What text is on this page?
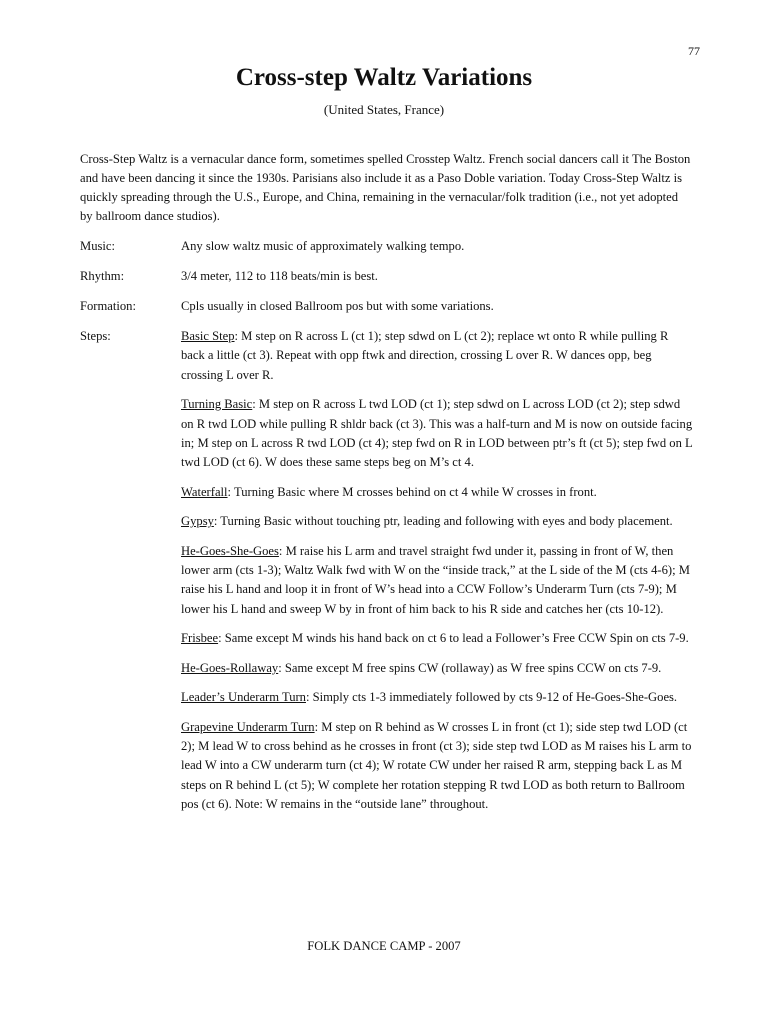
77
Cross-step Waltz Variations
(United States, France)

Cross-Step Waltz is a vernacular dance form, sometimes spelled Crosstep Waltz. French social dancers call it The Boston and have been dancing it since the 1930s. Parisians also include it as a Paso Doble variation. Today Cross-Step Waltz is quickly spreading through the U.S., Europe, and China, remaining in the vernacular/folk tradition (i.e., not yet adopted by ballroom dance studios).

Music:	Any slow waltz music of approximately walking tempo.
Rhythm:	3/4 meter, 112 to 118 beats/min is best.
Formation:	Cpls usually in closed Ballroom pos but with some variations.
Steps:	Basic Step: M step on R across L (ct 1); step sdwd on L (ct 2); replace wt onto R while pulling R back a little (ct 3). Repeat with opp ftwk and direction, crossing L over R. W dances opp, beg crossing L over R.

Turning Basic: M step on R across L twd LOD (ct 1); step sdwd on L across LOD (ct 2); step sdwd on R twd LOD while pulling R shldr back (ct 3). This was a half-turn and M is now on outside facing in; M step on L across R twd LOD (ct 4); step fwd on R in LOD between ptr’s ft (ct 5); step fwd on L twd LOD (ct 6). W does these same steps beg on M’s ct 4.

Waterfall: Turning Basic where M crosses behind on ct 4 while W crosses in front.

Gypsy: Turning Basic without touching ptr, leading and following with eyes and body placement.

He-Goes-She-Goes: M raise his L arm and travel straight fwd under it, passing in front of W, then lower arm (cts 1-3); Waltz Walk fwd with W on the “inside track,” at the L side of the M (cts 4-6); M raise his L hand and loop it in front of W’s head into a CCW Follow’s Underarm Turn (cts 7-9); M lower his L hand and sweep W by in front of him back to his R side and catches her (cts 10-12).

Frisbee: Same except M winds his hand back on ct 6 to lead a Follower’s Free CCW Spin on cts 7-9.

He-Goes-Rollaway: Same except M free spins CW (rollaway) as W free spins CCW on cts 7-9.

Leader’s Underarm Turn: Simply cts 1-3 immediately followed by cts 9-12 of He-Goes-She-Goes.

Grapevine Underarm Turn: M step on R behind as W crosses L in front (ct 1); side step twd LOD (ct 2); M lead W to cross behind as he crosses in front (ct 3); side step twd LOD as M raises his L arm to lead W into a CW underarm turn (ct 4); W rotate CW under her raised R arm, stepping back L as M steps on R behind L (ct 5); W complete her rotation stepping R twd LOD as both return to Ballroom pos (ct 6). Note: W remains in the “outside lane” throughout.

FOLK DANCE CAMP - 2007
